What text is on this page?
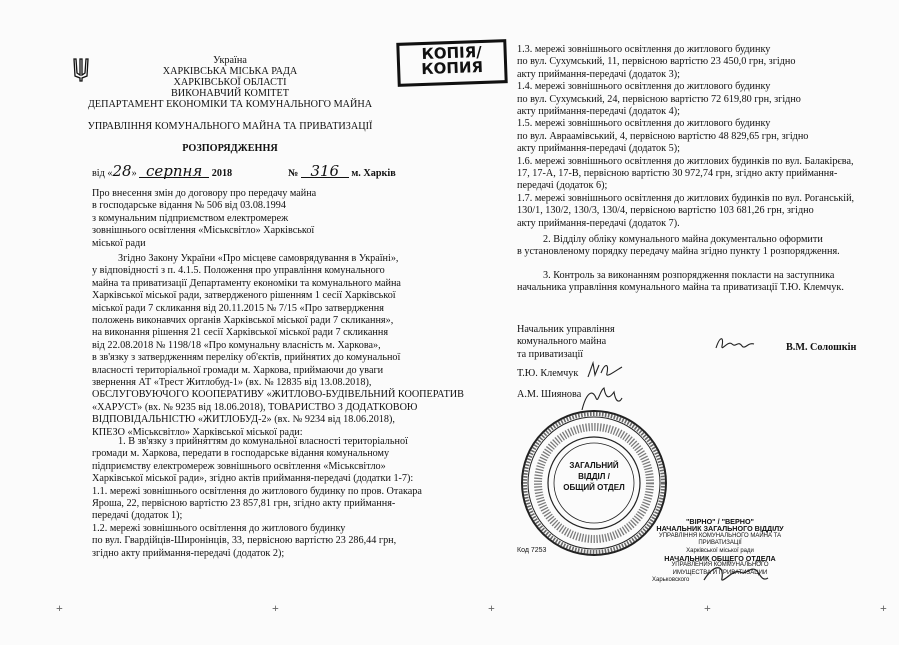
Україна
ХАРКІВСЬКА МІСЬКА РАДА
ХАРКІВСЬКОЇ ОБЛАСТІ
ВИКОНАВЧИЙ КОМІТЕТ
ДЕПАРТАМЕНТ ЕКОНОМІКИ ТА КОМУНАЛЬНОГО МАЙНА
УПРАВЛІННЯ КОМУНАЛЬНОГО МАЙНА ТА ПРИВАТИЗАЦІЇ
РОЗПОРЯДЖЕННЯ
від «28» серпня 2018	№ 316 м. Харків
КОПІЯ/
КОПИЯ
Про внесення змін до договору про передачу майна
в господарське відання № 506 від 03.08.1994
з комунальним підприємством електромереж
зовнішнього освітлення «Міськсвітло» Харківської
міської ради
Згідно Закону України «Про місцеве самоврядування в Україні»,
у відповідності з п. 4.1.5. Положення про управління комунального
майна та приватизації Департаменту економіки та комунального майна
Харківської міської ради, затвердженого рішенням 1 сесії Харківської
міської ради 7 скликання від 20.11.2015 № 7/15 «Про затвердження
положень виконавчих органів Харківської міської ради 7 скликання»,
на виконання рішення 21 сесії Харківської міської ради 7 скликання
від 22.08.2018 № 1198/18 «Про комунальну власність м. Харкова»,
в зв'язку з затвердженням переліку об'єктів, прийнятих до комунальної
власності територіальної громади м. Харкова, приймаючи до уваги
звернення АТ «Трест Житлобуд-1» (вх. № 12835 від 13.08.2018),
ОБСЛУГОВУЮЧОГО КООПЕРАТИВУ «ЖИТЛОВО-БУДІВЕЛЬНИЙ КООПЕРАТИВ
«ХАРУСТ» (вх. № 9235 від 18.06.2018), ТОВАРИСТВО З ДОДАТКОВОЮ
ВІДПОВІДАЛЬНІСТЮ «ЖИТЛОБУД-2» (вх. № 9234 від 18.06.2018),
КПЕЗО «Міськсвітло» Харківської міської ради:
1. В зв'язку з прийняттям до комунальної власності територіальної
громади м. Харкова, передати в господарське відання комунальному
підприємству електромереж зовнішнього освітлення «Міськсвітло»
Харківської міської ради», згідно актів приймання-передачі (додатки 1-7):
1.1. мережі зовнішнього освітлення до житлового будинку по пров. Отакара
Яроша, 22, первісною вартістю 23 857,81 грн, згідно акту приймання-
передачі (додаток 1);
1.2. мережі зовнішнього освітлення до житлового будинку
по вул. Гвардійців-Широнінців, 33, первісною вартістю 23 286,44 грн,
згідно акту приймання-передачі (додаток 2);
1.3. мережі зовнішнього освітлення до житлового будинку
по вул. Сухумський, 11, первісною вартістю 23 450,0 грн, згідно
акту приймання-передачі (додаток 3);
1.4. мережі зовнішнього освітлення до житлового будинку
по вул. Сухумський, 24, первісною вартістю 72 619,80 грн, згідно
акту приймання-передачі (додаток 4);
1.5. мережі зовнішнього освітлення до житлового будинку
по вул. Авраамівський, 4, первісною вартістю 48 829,65 грн, згідно
акту приймання-передачі (додаток 5);
1.6. мережі зовнішнього освітлення до житлових будинків по вул. Балакірєва,
17, 17-А, 17-В, первісною вартістю 30 972,74 грн, згідно акту приймання-
передачі (додаток 6);
1.7. мережі зовнішнього освітлення до житлових будинків по вул. Роганській,
130/1, 130/2, 130/3, 130/4, первісною вартістю 103 681,26 грн, згідно
акту приймання-передачі (додаток 7).
2. Відділу обліку комунального майна документально оформити
в установленому порядку передачу майна згідно пункту 1 розпорядження.
3. Контроль за виконанням розпорядження покласти на заступника
начальника управління комунального майна та приватизації Т.Ю. Клемчук.
Начальник управління
комунального майна
та приватизації
В.М. Солошкін
Т.Ю. Клемчук
А.М. Шиянова
ЗАГАЛЬНИЙ
ВІДДІЛ /
ОБЩИЙ ОТДЕЛ
Код 7253
"ВІРНО" / "ВЕРНО"
НАЧАЛЬНИК ЗАГАЛЬНОГО ВІДДІЛУ
УПРАВЛІННЯ КОМУНАЛЬНОГО МАЙНА ТА ПРИВАТИЗАЦІЇ
Харківської міської ради
НАЧАЛЬНИК ОБЩЕГО ОТДЕЛА
УПРАВЛЕНИЯ КОММУНАЛЬНОГО ИМУЩЕСТВА И ПРИВАТИЗАЦИИ
Харьковского
+	+	+	+	+
